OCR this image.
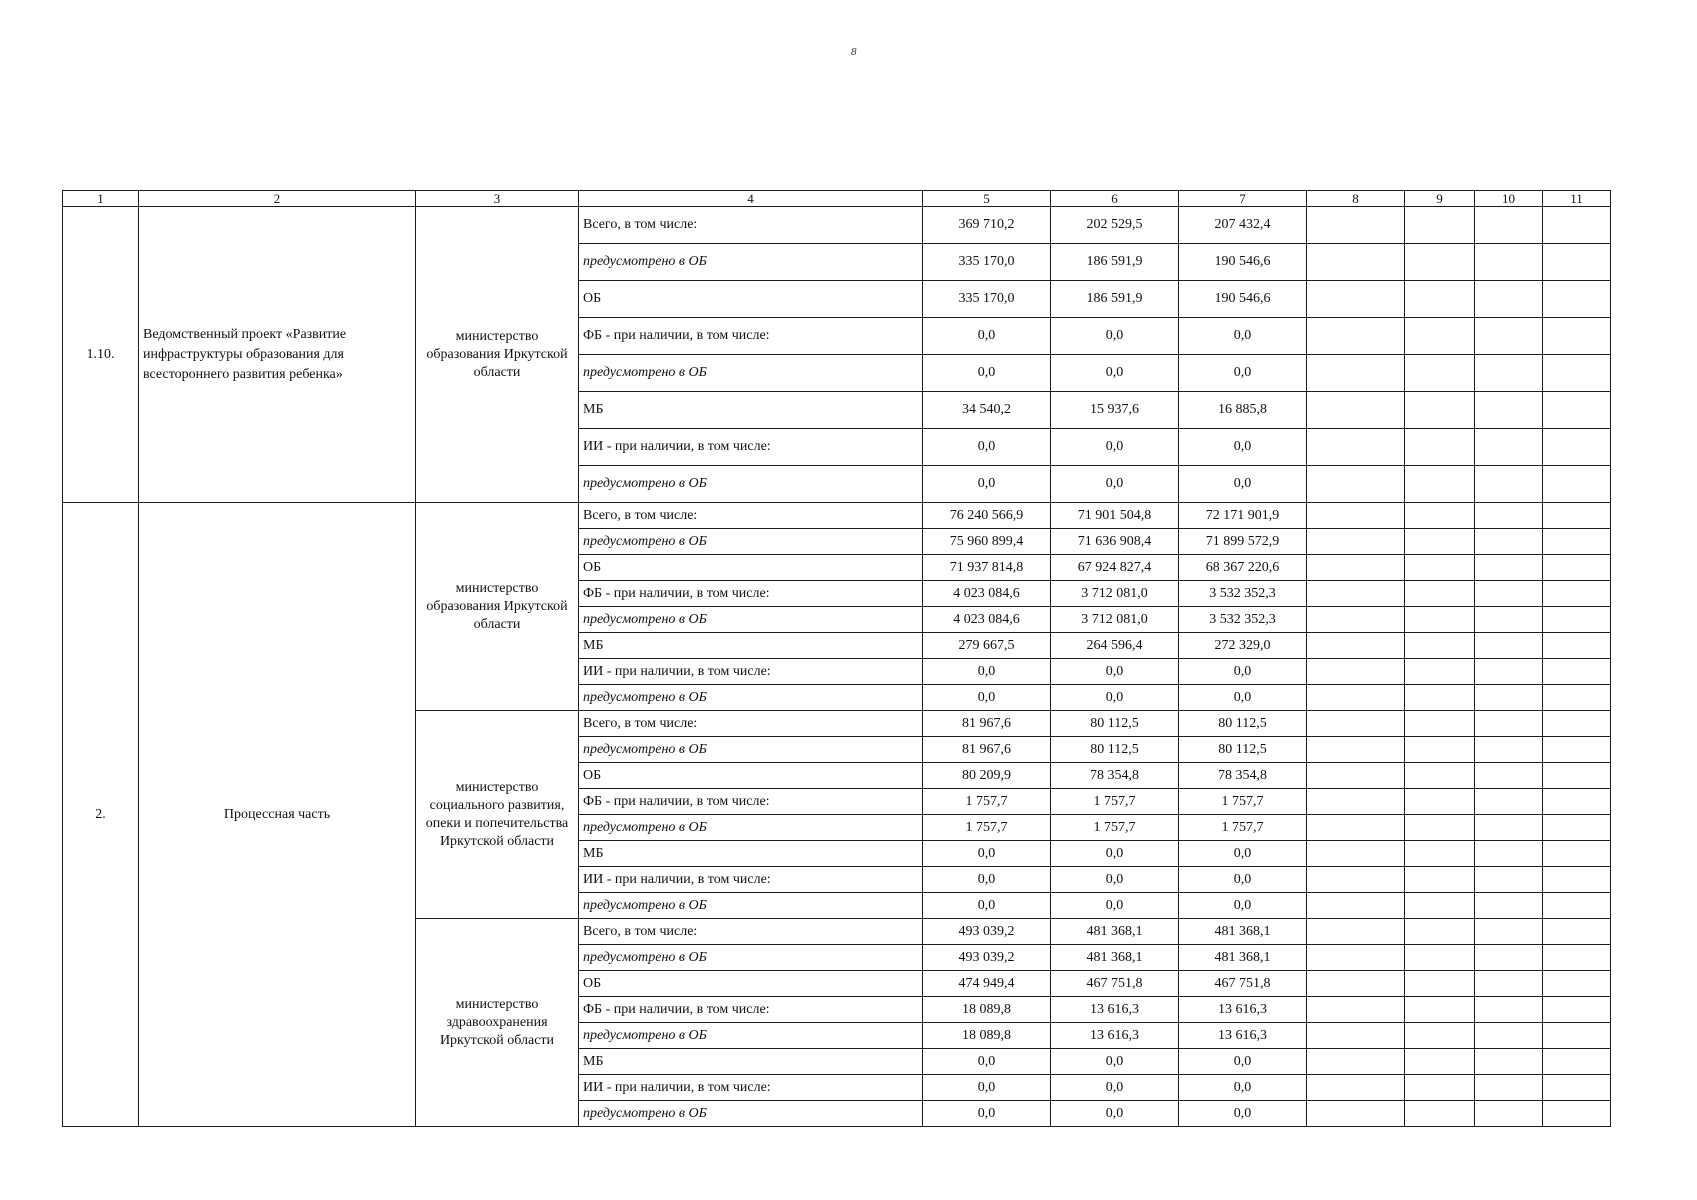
8
1	2	3	4	5	6	7	8	9	10	11
1.10.	Ведомственный проект «Развитие инфраструктуры образования для всестороннего развития ребенка»	министерство образования Иркутской области	Всего, в том числе:	369 710,2	202 529,5	207 432,4				
			предусмотрено в ОБ	335 170,0	186 591,9	190 546,6				
			ОБ	335 170,0	186 591,9	190 546,6				
			ФБ - при наличии, в том числе:	0,0	0,0	0,0				
			предусмотрено в ОБ	0,0	0,0	0,0				
			МБ	34 540,2	15 937,6	16 885,8				
			ИИ - при наличии, в том числе:	0,0	0,0	0,0				
			предусмотрено в ОБ	0,0	0,0	0,0				
2.	Процессная часть	министерство образования Иркутской области	Всего, в том числе:	76 240 566,9	71 901 504,8	72 171 901,9				
			предусмотрено в ОБ	75 960 899,4	71 636 908,4	71 899 572,9				
			ОБ	71 937 814,8	67 924 827,4	68 367 220,6				
			ФБ - при наличии, в том числе:	4 023 084,6	3 712 081,0	3 532 352,3				
			предусмотрено в ОБ	4 023 084,6	3 712 081,0	3 532 352,3				
			МБ	279 667,5	264 596,4	272 329,0				
			ИИ - при наличии, в том числе:	0,0	0,0	0,0				
			предусмотрено в ОБ	0,0	0,0	0,0				
		министерство социального развития, опеки и попечительства Иркутской области	Всего, в том числе:	81 967,6	80 112,5	80 112,5				
			предусмотрено в ОБ	81 967,6	80 112,5	80 112,5				
			ОБ	80 209,9	78 354,8	78 354,8				
			ФБ - при наличии, в том числе:	1 757,7	1 757,7	1 757,7				
			предусмотрено в ОБ	1 757,7	1 757,7	1 757,7				
			МБ	0,0	0,0	0,0				
			ИИ - при наличии, в том числе:	0,0	0,0	0,0				
			предусмотрено в ОБ	0,0	0,0	0,0				
		министерство здравоохранения Иркутской области	Всего, в том числе:	493 039,2	481 368,1	481 368,1				
			предусмотрено в ОБ	493 039,2	481 368,1	481 368,1				
			ОБ	474 949,4	467 751,8	467 751,8				
			ФБ - при наличии, в том числе:	18 089,8	13 616,3	13 616,3				
			предусмотрено в ОБ	18 089,8	13 616,3	13 616,3				
			МБ	0,0	0,0	0,0				
			ИИ - при наличии, в том числе:	0,0	0,0	0,0				
			предусмотрено в ОБ	0,0	0,0	0,0				
